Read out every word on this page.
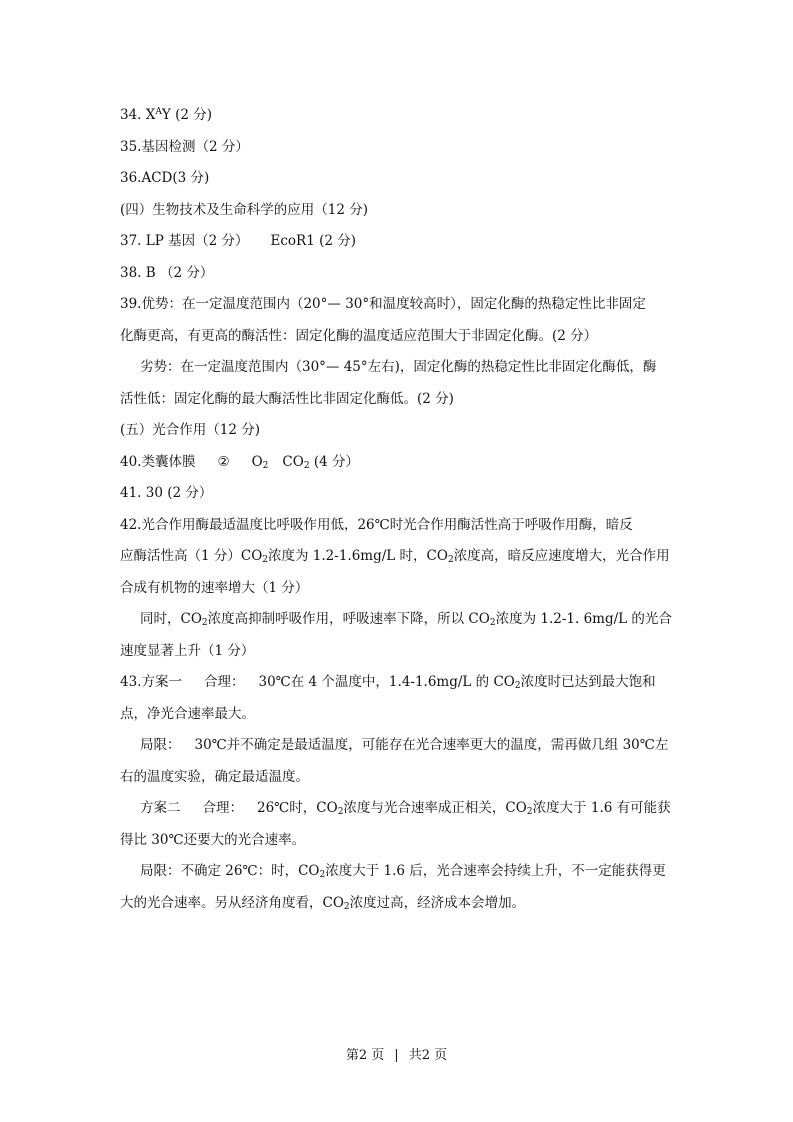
34. $X^AY$ (2 分)
35.基因检测（2 分）
36.ACD(3 分)
(四）生物技术及生命科学的应用（12 分)
37. LP 基因（2 分） EcoR1 (2 分)
38. B （2 分）
39.优势：在一定温度范围内（20°— 30°和温度较高时），固定化酶的热稳定性比非固定
化酶更高，有更高的酶活性：固定化酶的温度适应范围大于非固定化酶。(2 分）
劣势：在一定温度范围内（30°— 45°左右)，固定化酶的热稳定性比非固定化酶低，酶
活性低：固定化酶的最大酶活性比非固定化酶低。(2 分)
(五）光合作用（12 分)
40.类囊体膜 ② $O_2$ $CO_2$ (4 分）
41. 30 (2 分）
42.光合作用酶最适温度比呼吸作用低，26℃时光合作用酶活性高于呼吸作用酶，暗反
应酶活性高（1 分）$CO_2$浓度为 1.2-1.6mg/L 时，$CO_2$浓度高，暗反应速度增大，光合作用
合成有机物的速率增大（1 分）
同时，$CO_2$浓度高抑制呼吸作用，呼吸速率下降，所以 $CO_2$浓度为 1.2-1. 6mg/L 的光合
速度显著上升（1 分）
43.方案一 合理： 30℃在 4 个温度中，1.4-1.6mg/L 的 $CO_2$浓度时已达到最大饱和
点，净光合速率最大。
局限： 30℃并不确定是最适温度，可能存在光合速率更大的温度，需再做几组 30℃左
右的温度实验，确定最适温度。
方案二 合理： 26℃时，$CO_2$浓度与光合速率成正相关，$CO_2$浓度大于 1.6 有可能获
得比 30℃还要大的光合速率。
局限：不确定 26℃：时，$CO_2$浓度大于 1.6 后，光合速率会持续上升，不一定能获得更
大的光合速率。另从经济角度看，$CO_2$浓度过高，经济成本会增加。
第2 页 | 共2 页
